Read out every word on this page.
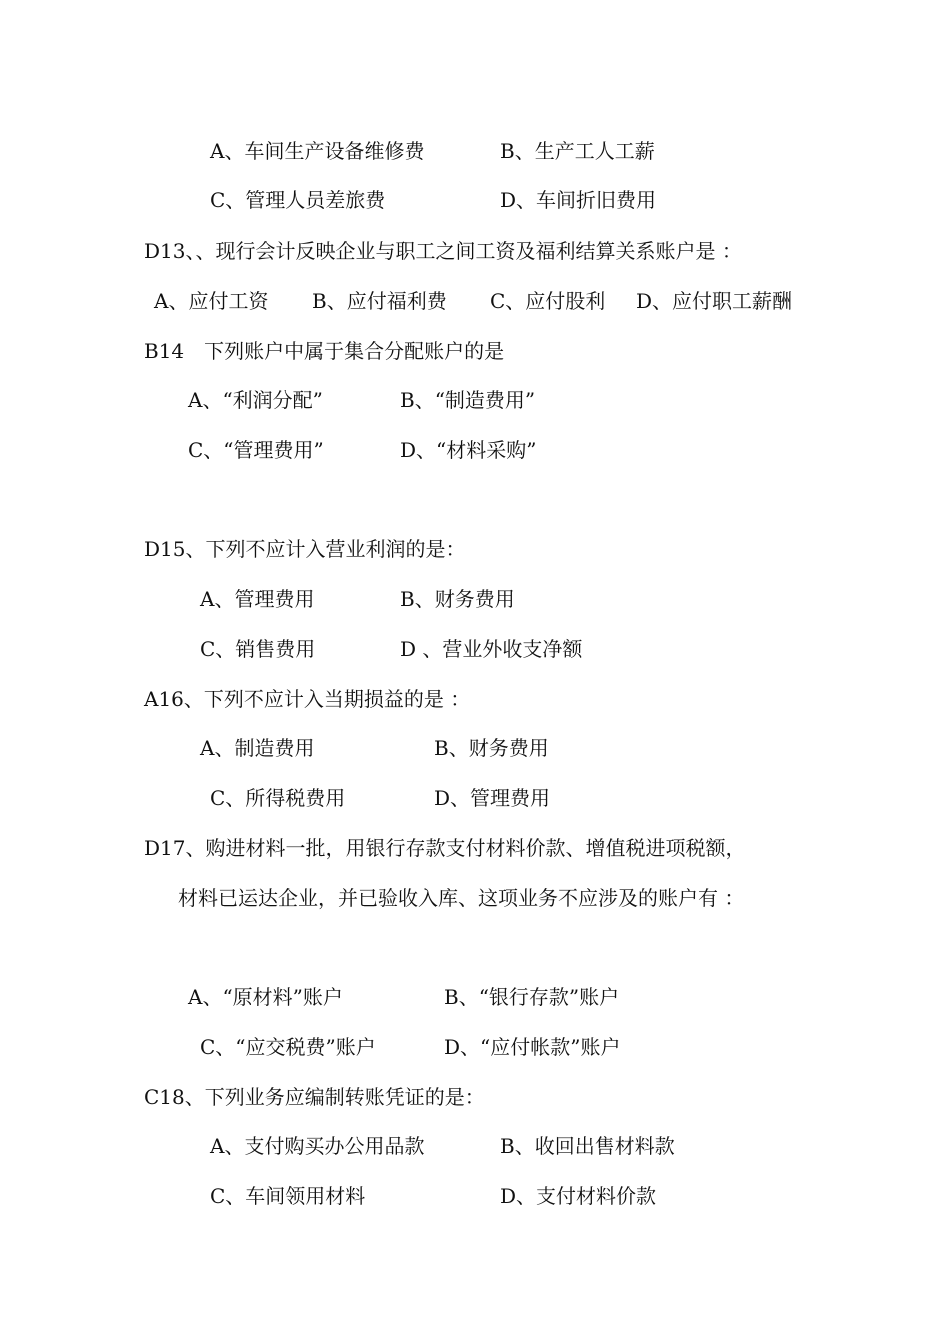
A、车间生产设备维修费	B、生产工人工薪
C、管理人员差旅费	D、车间折旧费用
D13、、现行会计反映企业与职工之间工资及福利结算关系账户是 ：
A、应付工资 B、应付福利费 C、应付股利 D、应付职工薪酬
B14　下列账户中属于集合分配账户的是
A、“利润分配”	B、“制造费用”
C、“管理费用”	D、“材料采购”
D15、下列不应计入营业利润的是：
A、管理费用	B、财务费用
C、销售费用	D 、营业外收支净额
A16、下列不应计入当期损益的是 ：
A、制造费用	B、财务费用
C、所得税费用	D、管理费用
D17、购进材料一批，用银行存款支付材料价款、增值税进项税额，
材料已运达企业，并已验收入库、这项业务不应涉及的账户有 ：
A、“原材料”账户	B、“银行存款”账户
C、“应交税费”账户	D、“应付帐款”账户
C18、下列业务应编制转账凭证的是：
A、支付购买办公用品款	B、收回出售材料款
C、车间领用材料	D、支付材料价款
